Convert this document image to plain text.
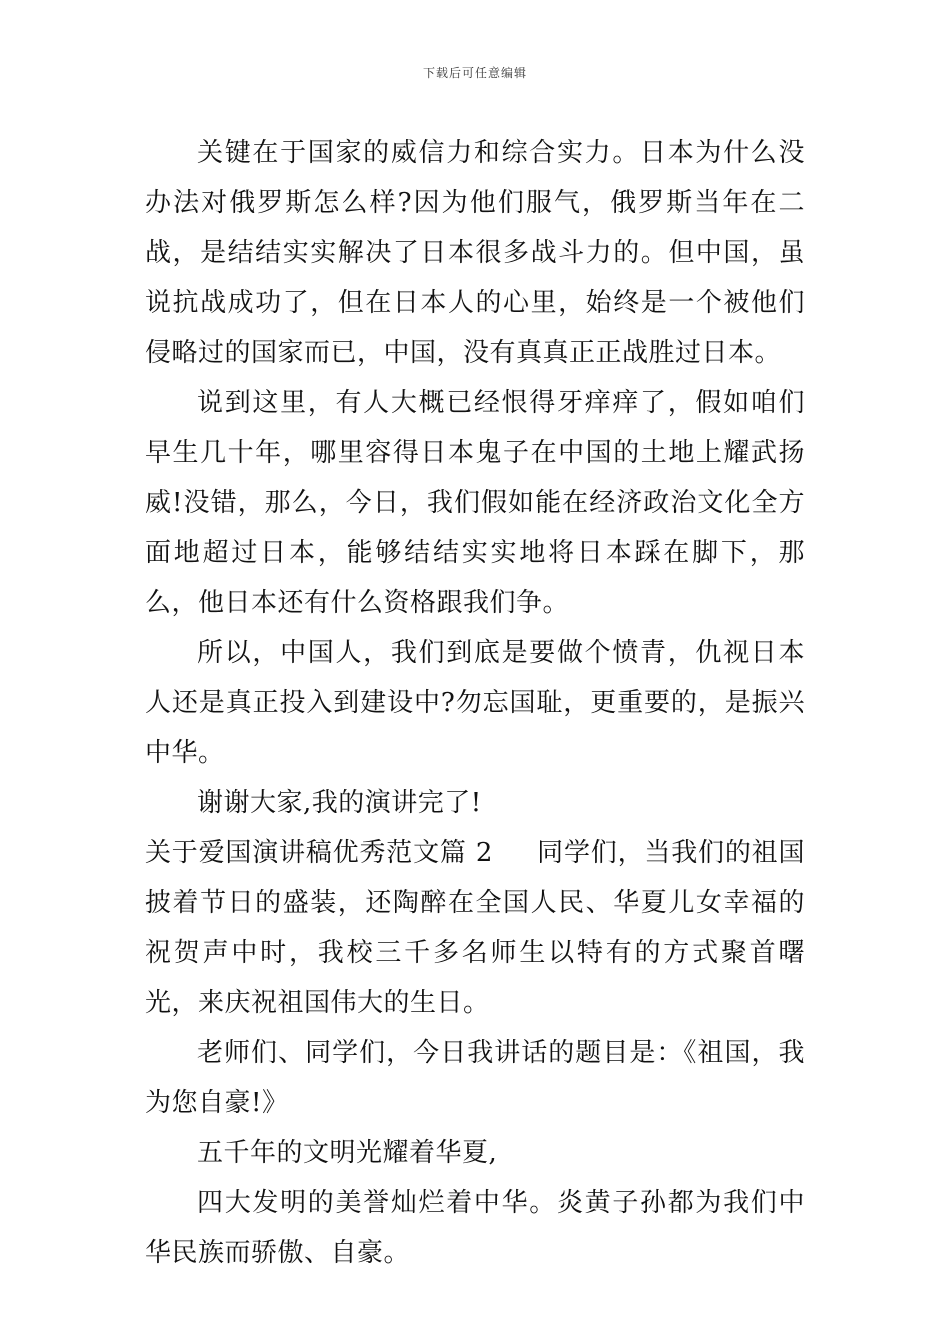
下载后可任意编辑

关键在于国家的威信力和综合实力。日本为什么没办法对俄罗斯怎么样?因为他们服气，俄罗斯当年在二战，是结结实实解决了日本很多战斗力的。但中国，虽说抗战成功了，但在日本人的心里，始终是一个被他们侵略过的国家而已，中国，没有真真正正战胜过日本。

说到这里，有人大概已经恨得牙痒痒了，假如咱们早生几十年，哪里容得日本鬼子在中国的土地上耀武扬威!没错，那么，今日，我们假如能在经济政治文化全方面地超过日本，能够结结实实地将日本踩在脚下，那么，他日本还有什么资格跟我们争。

所以，中国人，我们到底是要做个愤青，仇视日本人还是真正投入到建设中?勿忘国耻，更重要的，是振兴中华。

谢谢大家,我的演讲完了!

关于爱国演讲稿优秀范文篇 2 同学们，当我们的祖国披着节日的盛装，还陶醉在全国人民、华夏儿女幸福的祝贺声中时，我校三千多名师生以特有的方式聚首曙光，来庆祝祖国伟大的生日。

老师们、同学们，今日我讲话的题目是：《祖国，我为您自豪!》

五千年的文明光耀着华夏,

四大发明的美誉灿烂着中华。炎黄子孙都为我们中华民族而骄傲、自豪。
